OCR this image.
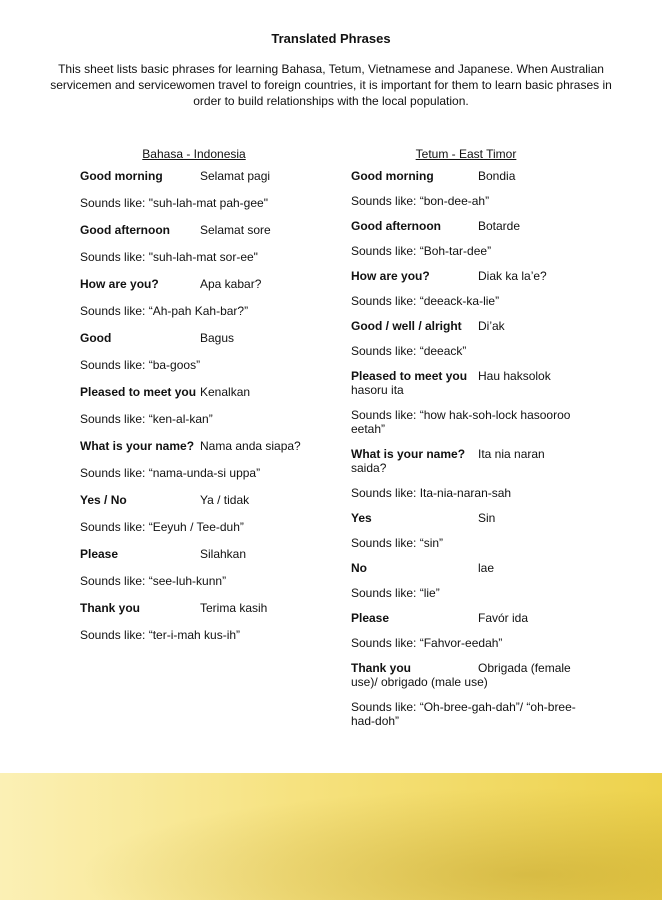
Translated Phrases
This sheet lists basic phrases for learning Bahasa, Tetum, Vietnamese and Japanese. When Australian servicemen and servicewomen travel to foreign countries, it is important for them to learn basic phrases in order to build relationships with the local population.
Bahasa - Indonesia
Good morning	Selamat pagi
Sounds like: "suh-lah-mat pah-gee"
Good afternoon	Selamat sore
Sounds like: "suh-lah-mat sor-ee"
How are you?	Apa kabar?
Sounds like: “Ah-pah Kah-bar?”
Good	Bagus
Sounds like: “ba-goos”
Pleased to meet you Kenalkan
Sounds like: “ken-al-kan”
What is your name? Nama anda siapa?
Sounds like: “nama-unda-si uppa”
Yes / No	Ya / tidak
Sounds like: “Eeyuh / Tee-duh”
Please	Silahkan
Sounds like: “see-luh-kunn”
Thank you	Terima kasih
Sounds like: “ter-i-mah kus-ih”
Tetum - East Timor
Good morning	Bondia
Sounds like: “bon-dee-ah”
Good afternoon	Botarde
Sounds like: “Boh-tar-dee”
How are you?	Diak ka la’e?
Sounds like: “deeack-ka-lie”
Good / well / alright Di’ak
Sounds like: “deeack”
Pleased to meet you Hau haksolok

hasoru ita
Sounds like: “how hak-soh-lock hasooroo eetah”
What is your name? Ita nia naran

saida?
Sounds like: Ita-nia-naran-sah
Yes	Sin
Sounds like: “sin”
No	lae
Sounds like: “lie”
Please	Favór ida
Sounds like: “Fahvor-eedah”
Thank you	Obrigada (female

use)/ obrigado (male use)
Sounds like: “Oh-bree-gah-dah”/ “oh-bree-had-doh”
